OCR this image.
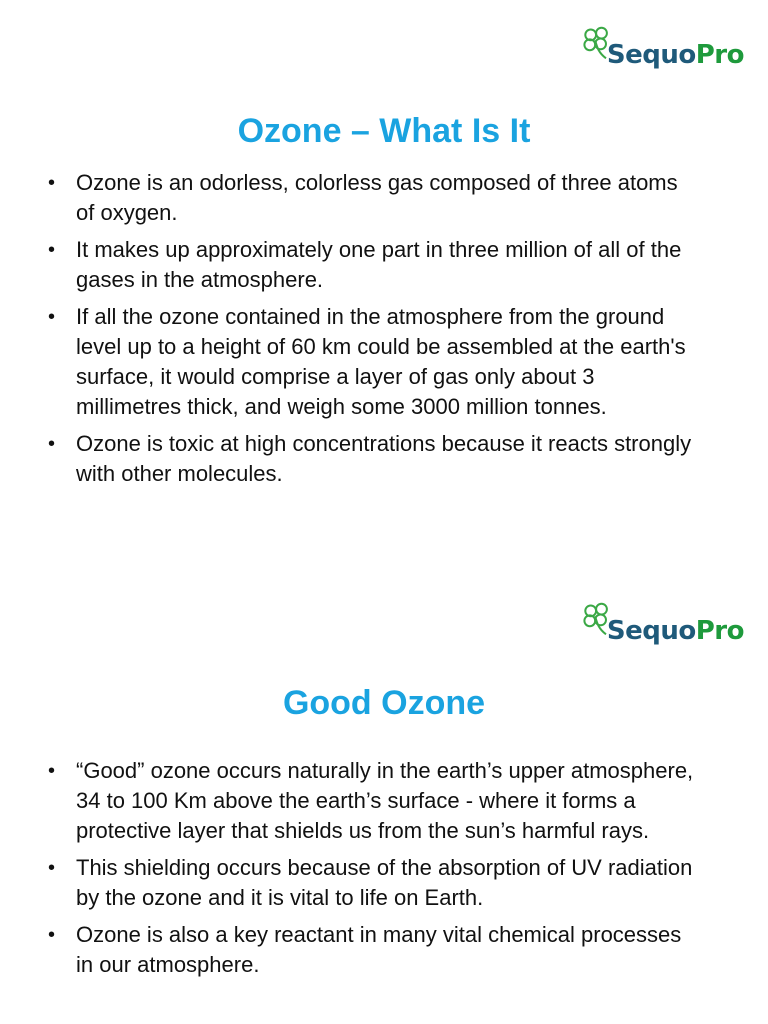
SequoPro
Ozone – What Is It
• Ozone is an odorless, colorless gas composed of three atoms of oxygen.
• It makes up approximately one part in three million of all of the gases in the atmosphere.
• If all the ozone contained in the atmosphere from the ground level up to a height of 60 km could be assembled at the earth's surface, it would comprise a layer of gas only about 3 millimetres thick, and weigh some 3000 million tonnes.
• Ozone is toxic at high concentrations because it reacts strongly with other molecules.
SequoPro
Good Ozone
• “Good” ozone occurs naturally in the earth’s upper atmosphere, 34 to 100 Km above the earth’s surface - where it forms a protective layer that shields us from the sun’s harmful rays.
• This shielding occurs because of the absorption of UV radiation by the ozone and it is vital to life on Earth.
• Ozone is also a key reactant in many vital chemical processes in our atmosphere.
